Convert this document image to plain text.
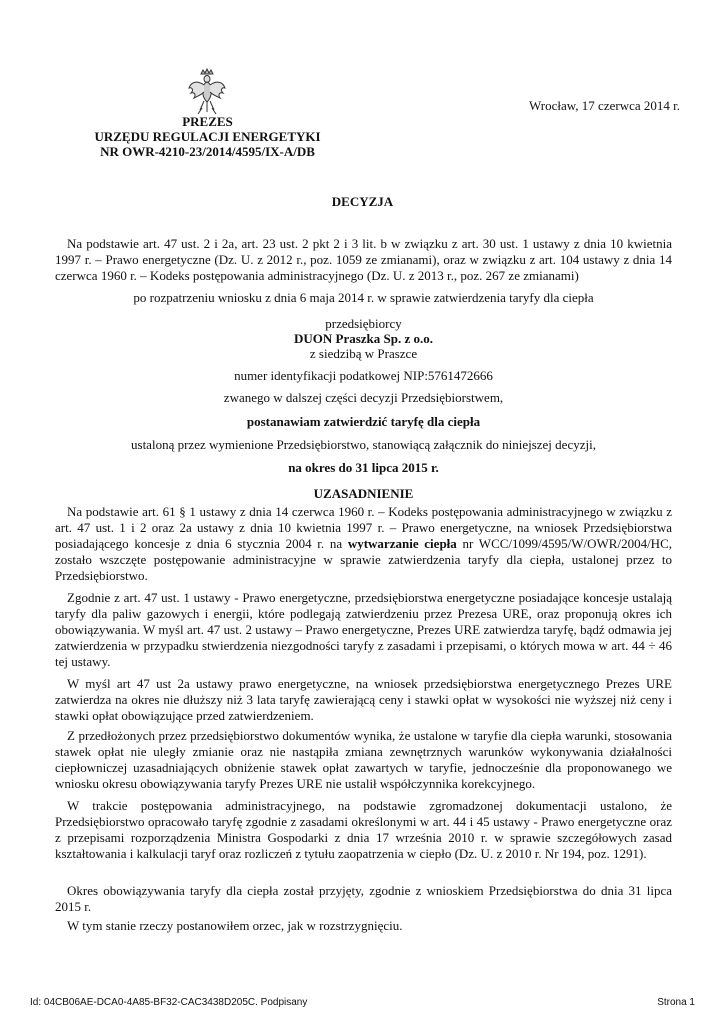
PREZES
URZĘDU REGULACJI ENERGETYKI
NR OWR-4210-23/2014/4595/IX-A/DB
Wrocław, 17 czerwca 2014 r.
DECYZJA
Na podstawie art. 47 ust. 2 i 2a, art. 23 ust. 2 pkt 2 i 3 lit. b w związku z art. 30 ust. 1 ustawy z dnia 10 kwietnia 1997 r. – Prawo energetyczne (Dz. U. z 2012 r., poz. 1059 ze zmianami), oraz w związku z art. 104 ustawy z dnia 14 czerwca 1960 r. – Kodeks postępowania administracyjnego (Dz. U. z 2013 r., poz. 267 ze zmianami)
po rozpatrzeniu wniosku z dnia 6 maja 2014 r. w sprawie zatwierdzenia taryfy dla ciepła
przedsiębiorcy
DUON Praszka Sp. z o.o.
z siedzibą w Praszce
numer identyfikacji podatkowej NIP:5761472666
zwanego w dalszej części decyzji Przedsiębiorstwem,
postanawiam zatwierdzić taryfę dla ciepła
ustaloną przez wymienione Przedsiębiorstwo, stanowiącą załącznik do niniejszej decyzji,
na okres do 31 lipca 2015 r.
UZASADNIENIE
Na podstawie art. 61 § 1 ustawy z dnia 14 czerwca 1960 r. – Kodeks postępowania administracyjnego w związku z art. 47 ust. 1 i 2 oraz 2a ustawy z dnia 10 kwietnia 1997 r. – Prawo energetyczne, na wniosek Przedsiębiorstwa posiadającego koncesje z dnia 6 stycznia 2004 r. na wytwarzanie ciepła nr WCC/1099/4595/W/OWR/2004/HC, zostało wszczęte postępowanie administracyjne w sprawie zatwierdzenia taryfy dla ciepła, ustalonej przez to Przedsiębiorstwo.
Zgodnie z art. 47 ust. 1 ustawy - Prawo energetyczne, przedsiębiorstwa energetyczne posiadające koncesje ustalają taryfy dla paliw gazowych i energii, które podlegają zatwierdzeniu przez Prezesa URE, oraz proponują okres ich obowiązywania. W myśl art. 47 ust. 2 ustawy – Prawo energetyczne, Prezes URE zatwierdza taryfę, bądź odmawia jej zatwierdzenia w przypadku stwierdzenia niezgodności taryfy z zasadami i przepisami, o których mowa w art. 44 ÷ 46 tej ustawy.
W myśl art 47 ust 2a ustawy prawo energetyczne, na wniosek przedsiębiorstwa energetycznego Prezes URE zatwierdza na okres nie dłuższy niż 3 lata taryfę zawierającą ceny i stawki opłat w wysokości nie wyższej niż ceny i stawki opłat obowiązujące przed zatwierdzeniem.
Z przedłożonych przez przedsiębiorstwo dokumentów wynika, że ustalone w taryfie dla ciepła warunki, stosowania stawek opłat nie uległy zmianie oraz nie nastąpiła zmiana zewnętrznych warunków wykonywania działalności ciepłowniczej uzasadniających obniżenie stawek opłat zawartych w taryfie, jednocześnie dla proponowanego we wniosku okresu obowiązywania taryfy Prezes URE nie ustalił współczynnika korekcyjnego.
W trakcie postępowania administracyjnego, na podstawie zgromadzonej dokumentacji ustalono, że Przedsiębiorstwo opracowało taryfę zgodnie z zasadami określonymi w art. 44 i 45 ustawy - Prawo energetyczne oraz z przepisami rozporządzenia Ministra Gospodarki z dnia 17 września 2010 r. w sprawie szczegółowych zasad kształtowania i kalkulacji taryf oraz rozliczeń z tytułu zaopatrzenia w ciepło (Dz. U. z 2010 r. Nr 194, poz. 1291).
Okres obowiązywania taryfy dla ciepła został przyjęty, zgodnie z wnioskiem Przedsiębiorstwa do dnia 31 lipca 2015 r.
W tym stanie rzeczy postanowiłem orzec, jak w rozstrzygnięciu.
Id: 04CB06AE-DCA0-4A85-BF32-CAC3438D205C. Podpisany	Strona 1
